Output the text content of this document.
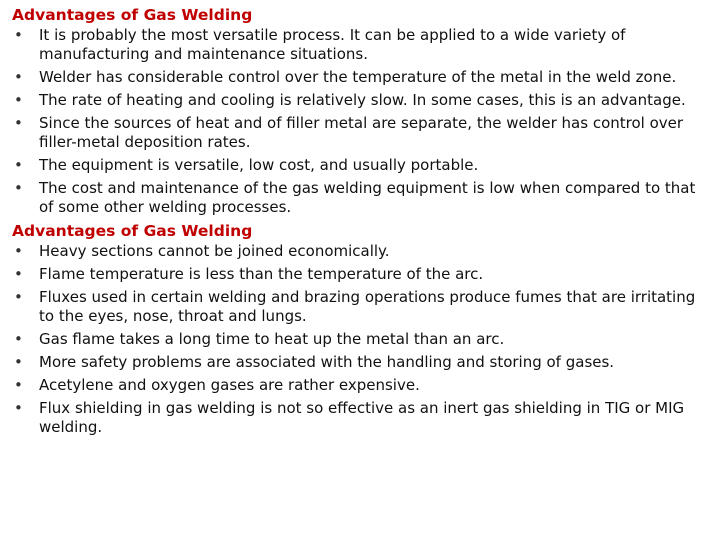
Advantages of Gas Welding
• It is probably the most versatile process. It can be applied to a wide variety of manufacturing and maintenance situations.
• Welder has considerable control over the temperature of the metal in the weld zone.
• The rate of heating and cooling is relatively slow. In some cases, this is an advantage.
• Since the sources of heat and of filler metal are separate, the welder has control over filler-metal deposition rates.
• The equipment is versatile, low cost, and usually portable.
• The cost and maintenance of the gas welding equipment is low when compared to that of some other welding processes.
Advantages of Gas Welding
• Heavy sections cannot be joined economically.
• Flame temperature is less than the temperature of the arc.
• Fluxes used in certain welding and brazing operations produce fumes that are irritating to the eyes, nose, throat and lungs.
• Gas flame takes a long time to heat up the metal than an arc.
• More safety problems are associated with the handling and storing of gases.
• Acetylene and oxygen gases are rather expensive.
• Flux shielding in gas welding is not so effective as an inert gas shielding in TIG or MIG welding.
